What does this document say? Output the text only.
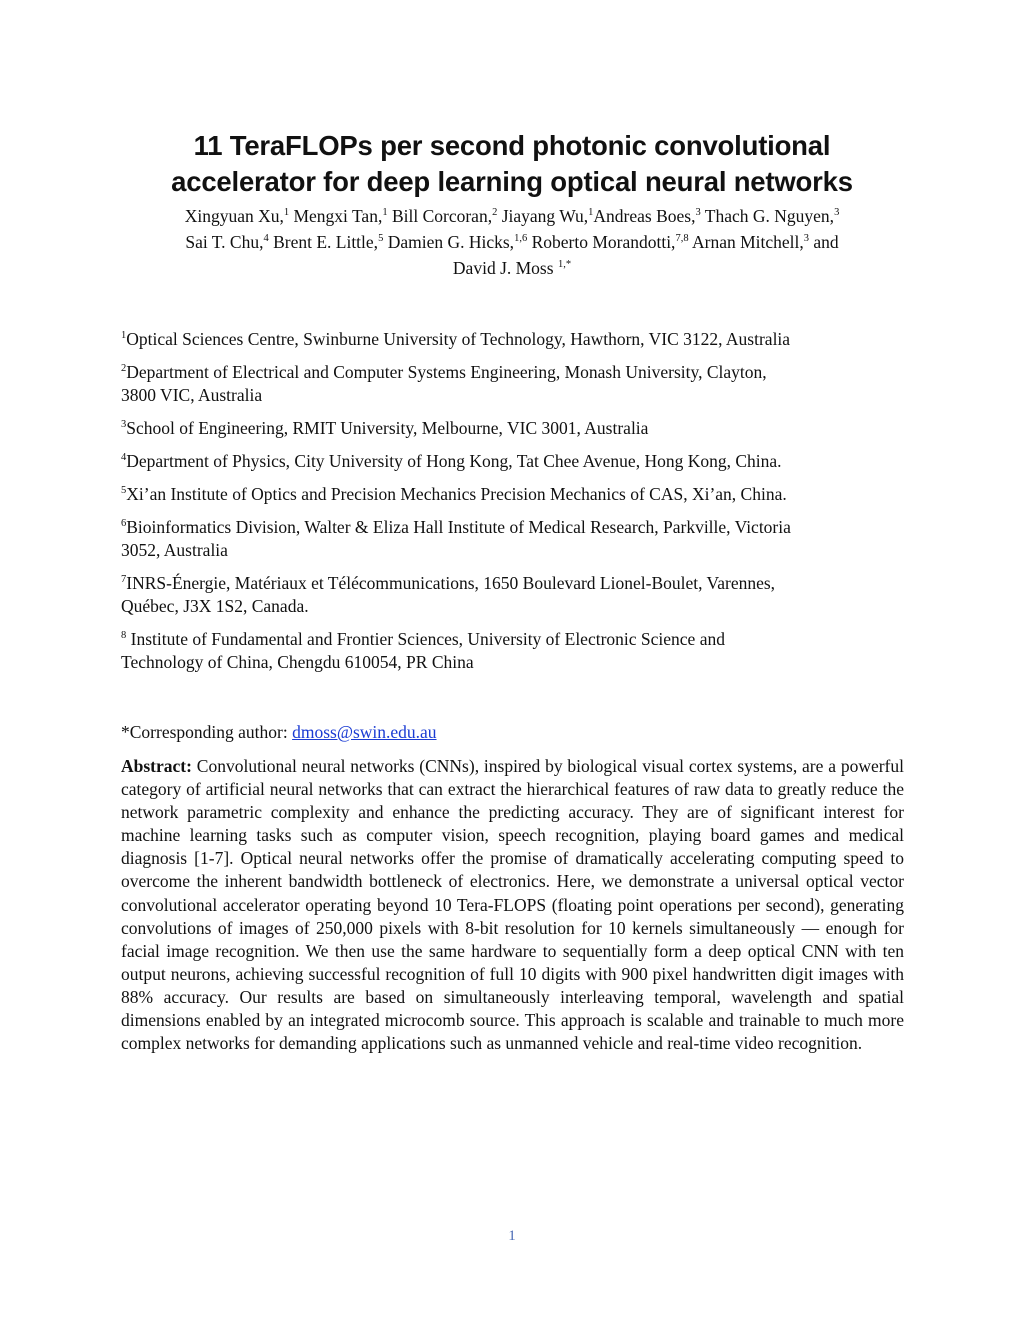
11 TeraFLOPs per second photonic convolutional
accelerator for deep learning optical neural networks
Xingyuan Xu,$^1$ Mengxi Tan,$^1$ Bill Corcoran,$^2$ Jiayang Wu,$^1$Andreas Boes,$^3$ Thach G. Nguyen,$^3$
Sai T. Chu,$^4$ Brent E. Little,$^5$ Damien G. Hicks,$^{1,6}$ Roberto Morandotti,$^{7,8}$ Arnan Mitchell,$^3$ and
David J. Moss $^{1,*}$
$^1$Optical Sciences Centre, Swinburne University of Technology, Hawthorn, VIC 3122, Australia
$^2$Department of Electrical and Computer Systems Engineering, Monash University, Clayton,
3800 VIC, Australia
$^3$School of Engineering, RMIT University, Melbourne, VIC 3001, Australia
$^4$Department of Physics, City University of Hong Kong, Tat Chee Avenue, Hong Kong, China.
$^5$Xi’an Institute of Optics and Precision Mechanics Precision Mechanics of CAS, Xi’an, China.
$^6$Bioinformatics Division, Walter & Eliza Hall Institute of Medical Research, Parkville, Victoria
3052, Australia
$^7$INRS-Énergie, Matériaux et Télécommunications, 1650 Boulevard Lionel-Boulet, Varennes,
Québec, J3X 1S2, Canada.
$^8$ Institute of Fundamental and Frontier Sciences, University of Electronic Science and
Technology of China, Chengdu 610054, PR China
*Corresponding author: dmoss@swin.edu.au
Abstract: Convolutional neural networks (CNNs), inspired by biological visual cortex systems, are a powerful category of artificial neural networks that can extract the hierarchical features of raw data to greatly reduce the network parametric complexity and enhance the predicting accuracy. They are of significant interest for machine learning tasks such as computer vision, speech recognition, playing board games and medical diagnosis [1-7]. Optical neural networks offer the promise of dramatically accelerating computing speed to overcome the inherent bandwidth bottleneck of electronics. Here, we demonstrate a universal optical vector convolutional accelerator operating beyond 10 Tera-FLOPS (floating point operations per second), generating convolutions of images of 250,000 pixels with 8-bit resolution for 10 kernels simultaneously — enough for facial image recognition. We then use the same hardware to sequentially form a deep optical CNN with ten output neurons, achieving successful recognition of full 10 digits with 900 pixel handwritten digit images with 88% accuracy. Our results are based on simultaneously interleaving temporal, wavelength and spatial dimensions enabled by an integrated microcomb source. This approach is scalable and trainable to much more complex networks for demanding applications such as unmanned vehicle and real-time video recognition.
1
